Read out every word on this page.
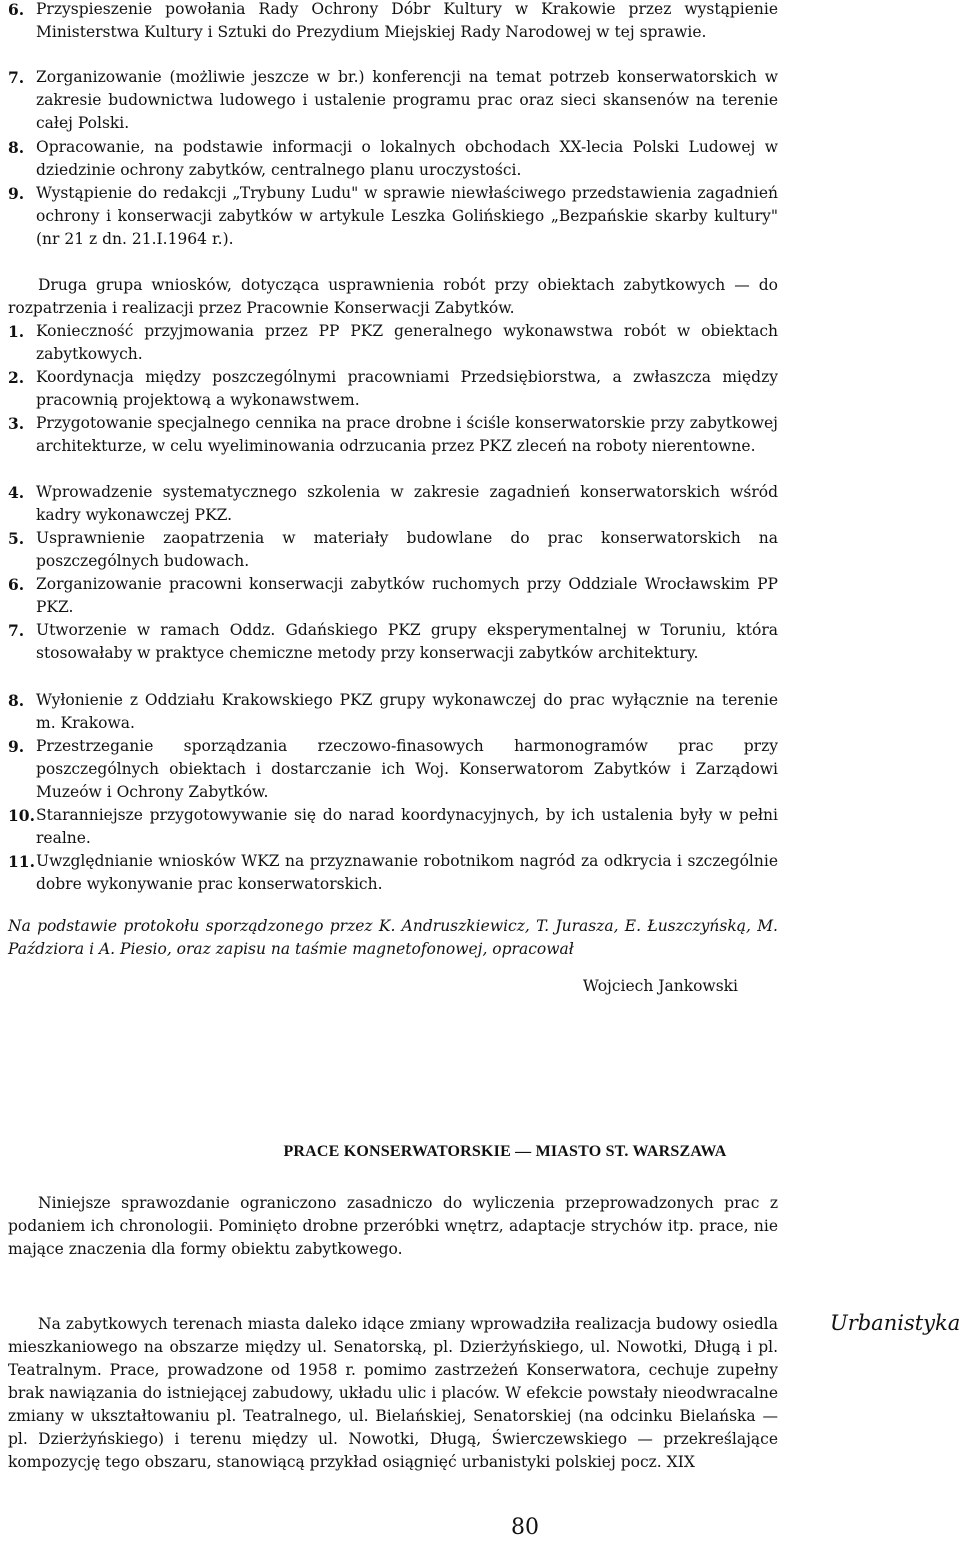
6. Przyspieszenie powołania Rady Ochrony Dóbr Kultury w Krakowie przez wystąpienie Ministerstwa Kultury i Sztuki do Prezydium Miejskiej Rady Narodowej w tej sprawie.
7. Zorganizowanie (możliwie jeszcze w br.) konferencji na temat potrzeb konserwatorskich w zakresie budownictwa ludowego i ustalenie programu prac oraz sieci skansenów na terenie całej Polski.
8. Opracowanie, na podstawie informacji o lokalnych obchodach XX-lecia Polski Ludowej w dziedzinie ochrony zabytków, centralnego planu uroczystości.
9. Wystąpienie do redakcji „Trybuny Ludu" w sprawie niewłaściwego przedstawienia zagadnień ochrony i konserwacji zabytków w artykule Leszka Golińskiego „Bezpańskie skarby kultury" (nr 21 z dn. 21.I.1964 r.).
Druga grupa wniosków, dotycząca usprawnienia robót przy obiektach zabytkowych — do rozpatrzenia i realizacji przez Pracownie Konserwacji Zabytków.
1. Konieczność przyjmowania przez PP PKZ generalnego wykonawstwa robót w obiektach zabytkowych.
2. Koordynacja między poszczególnymi pracowniami Przedsiębiorstwa, a zwłaszcza między pracownią projektową a wykonawstwem.
3. Przygotowanie specjalnego cennika na prace drobne i ściśle konserwatorskie przy zabytkowej architekturze, w celu wyeliminowania odrzucania przez PKZ zleceń na roboty nierentowne.
4. Wprowadzenie systematycznego szkolenia w zakresie zagadnień konserwatorskich wśród kadry wykonawczej PKZ.
5. Usprawnienie zaopatrzenia w materiały budowlane do prac konserwatorskich na poszczególnych budowach.
6. Zorganizowanie pracowni konserwacji zabytków ruchomych przy Oddziale Wrocławskim PP PKZ.
7. Utworzenie w ramach Oddz. Gdańskiego PKZ grupy eksperymentalnej w Toruniu, która stosowałaby w praktyce chemiczne metody przy konserwacji zabytków architektury.
8. Wyłonienie z Oddziału Krakowskiego PKZ grupy wykonawczej do prac wyłącznie na terenie m. Krakowa.
9. Przestrzeganie sporządzania rzeczowo-finasowych harmonogramów prac przy poszczególnych obiektach i dostarczanie ich Woj. Konserwatorom Zabytków i Zarządowi Muzeów i Ochrony Zabytków.
10. Staranniejsze przygotowywanie się do narad koordynacyjnych, by ich ustalenia były w pełni realne.
11. Uwzględnianie wniosków WKZ na przyznawanie robotnikom nagród za odkrycia i szczególnie dobre wykonywanie prac konserwatorskich.
Na podstawie protokołu sporządzonego przez K. Andruszkiewicz, T. Jurasza, E. Łuszczyńską, M. Paździora i A. Piesio, oraz zapisu na taśmie magnetofonowej, opracował
Wojciech Jankowski
PRACE KONSERWATORSKIE — MIASTO ST. WARSZAWA
Niniejsze sprawozdanie ograniczono zasadniczo do wyliczenia przeprowadzonych prac z podaniem ich chronologii. Pominięto drobne przeróbki wnętrz, adaptacje strychów itp. prace, nie mające znaczenia dla formy obiektu zabytkowego.
Urbanistyka
Na zabytkowych terenach miasta daleko idące zmiany wprowadziła realizacja budowy osiedla mieszkaniowego na obszarze między ul. Senatorską, pl. Dzierżyńskiego, ul. Nowotki, Długą i pl. Teatralnym. Prace, prowadzone od 1958 r. pomimo zastrzeżeń Konserwatora, cechuje zupełny brak nawiązania do istniejącej zabudowy, układu ulic i placów. W efekcie powstały nieodwracalne zmiany w ukształtowaniu pl. Teatralnego, ul. Bielańskiej, Senatorskiej (na odcinku Bielańska — pl. Dzierżyńskiego) i terenu między ul. Nowotki, Długą, Świerczewskiego — przekreślające kompozycję tego obszaru, stanowiącą przykład osiągnięć urbanistyki polskiej pocz. XIX
80
